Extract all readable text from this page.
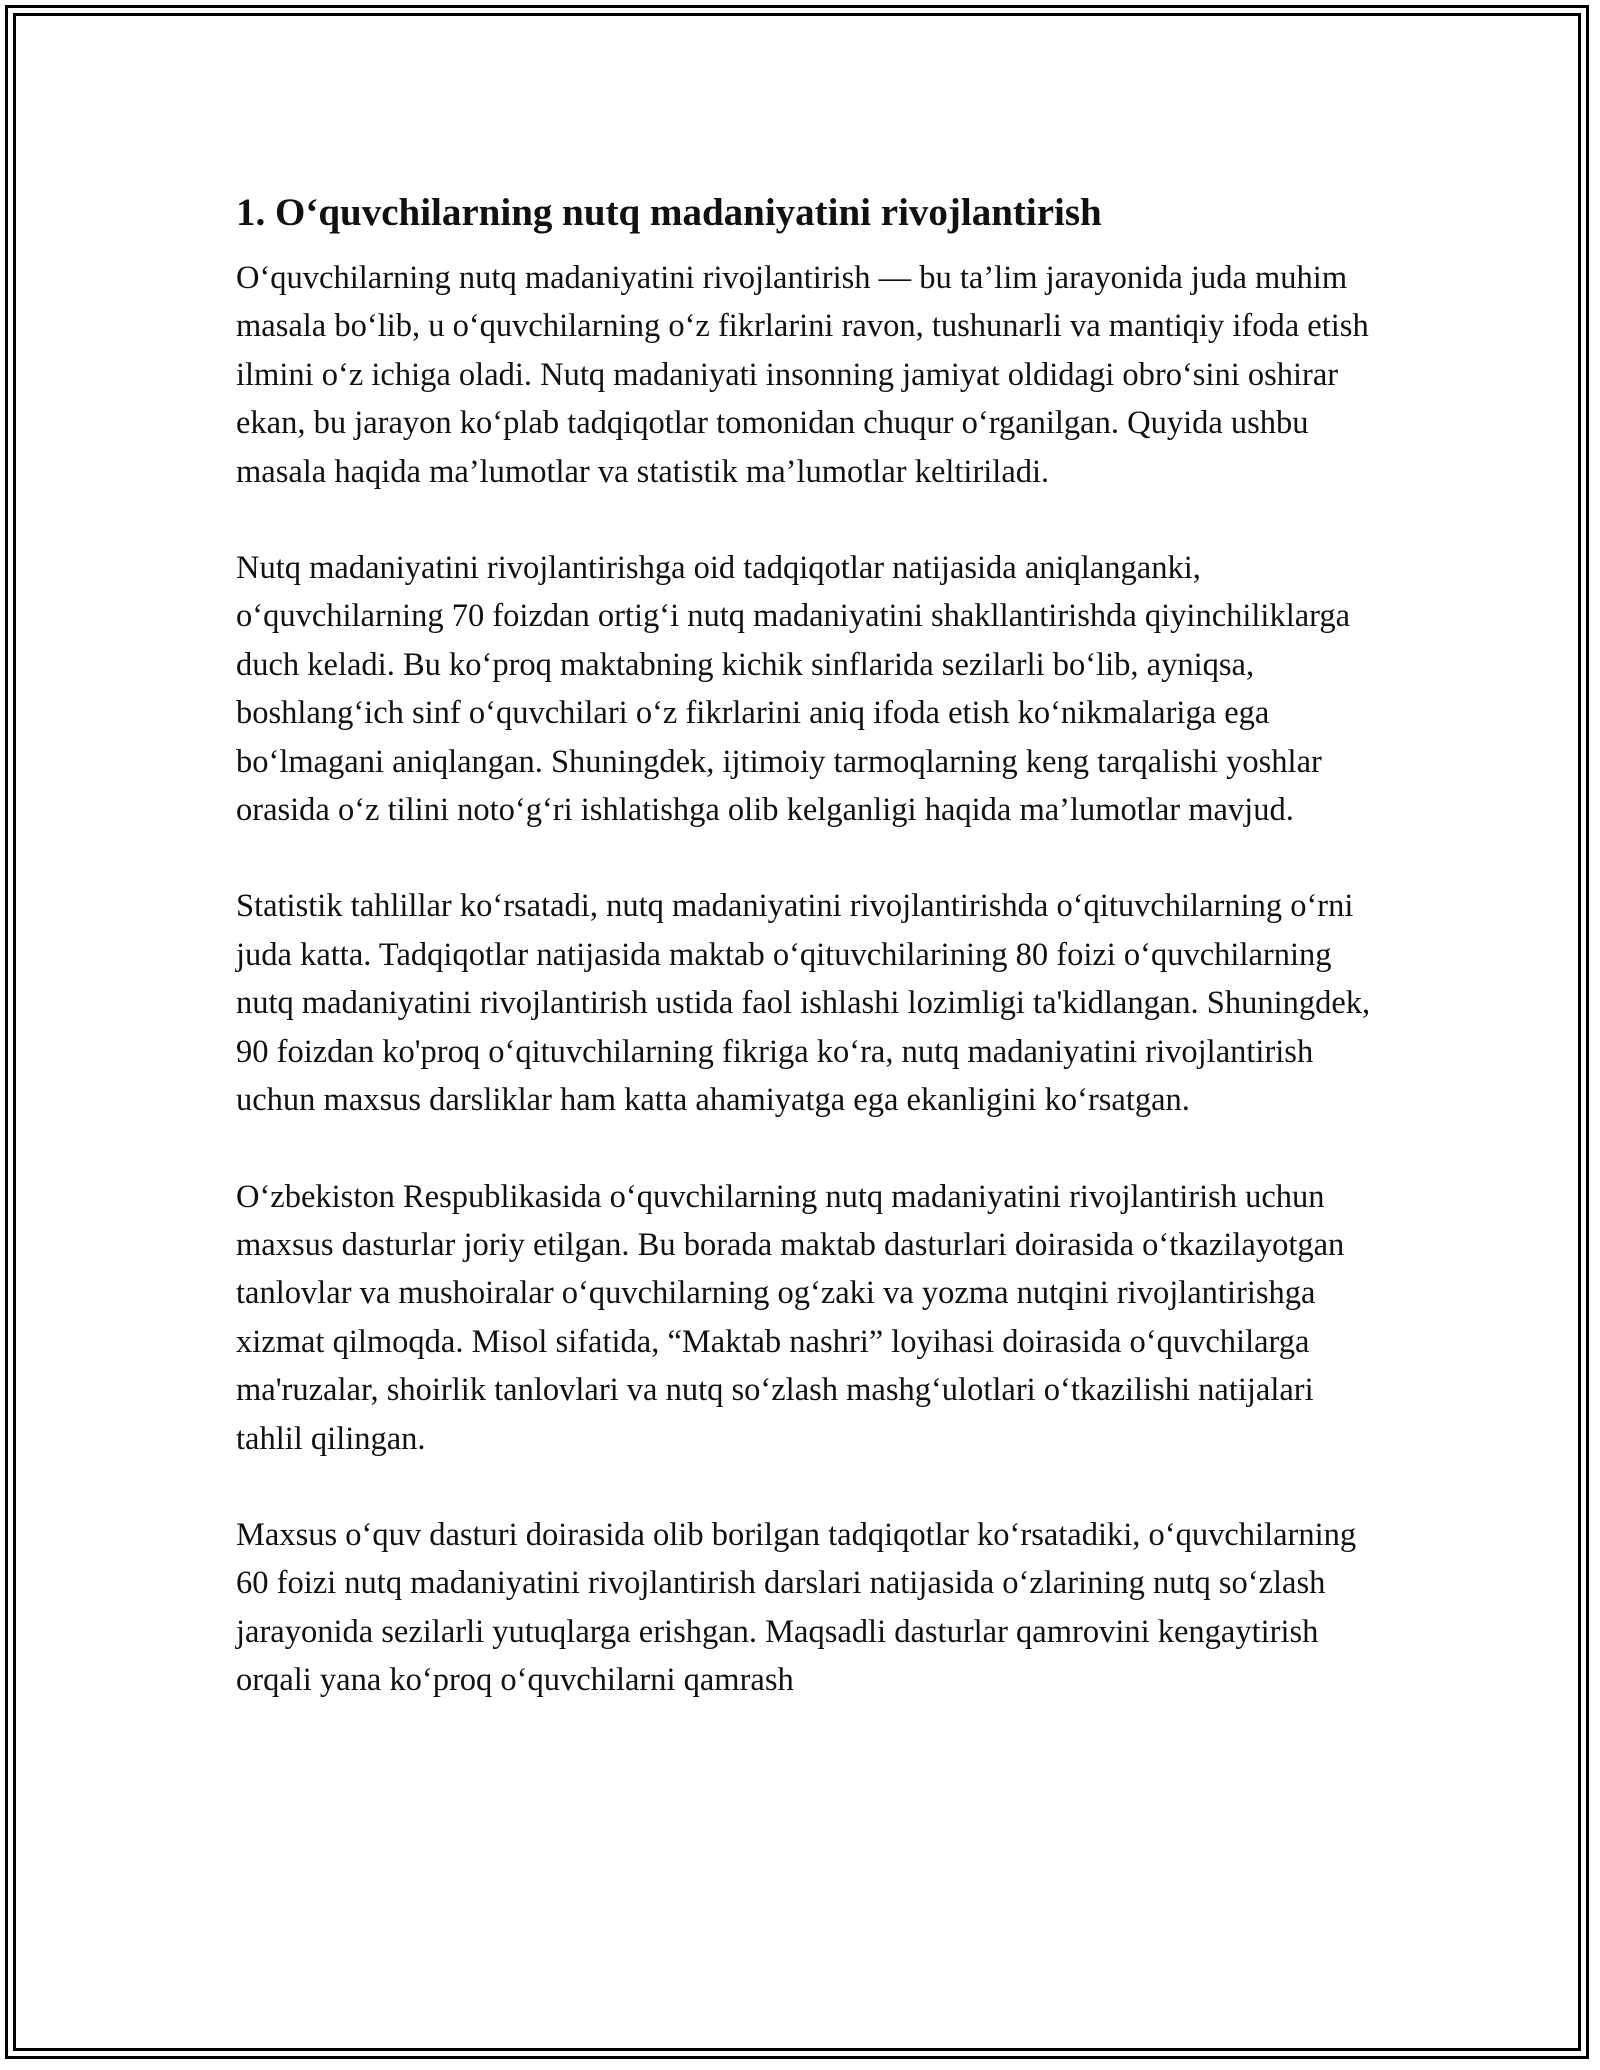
1. O‘quvchilarning nutq madaniyatini rivojlantirish

O‘quvchilarning nutq madaniyatini rivojlantirish — bu ta’lim jarayonida juda muhim masala bo‘lib, u o‘quvchilarning o‘z fikrlarini ravon, tushunarli va mantiqiy ifoda etish ilmini o‘z ichiga oladi. Nutq madaniyati insonning jamiyat oldidagi obro‘sini oshirar ekan, bu jarayon ko‘plab tadqiqotlar tomonidan chuqur o‘rganilgan. Quyida ushbu masala haqida ma’lumotlar va statistik ma’lumotlar keltiriladi.

Nutq madaniyatini rivojlantirishga oid tadqiqotlar natijasida aniqlanganki, o‘quvchilarning 70 foizdan ortig‘i nutq madaniyatini shakllantirishda qiyinchiliklarga duch keladi. Bu ko‘proq maktabning kichik sinflarida sezilarli bo‘lib, ayniqsa, boshlang‘ich sinf o‘quvchilari o‘z fikrlarini aniq ifoda etish ko‘nikmalariga ega bo‘lmagani aniqlangan. Shuningdek, ijtimoiy tarmoqlarning keng tarqalishi yoshlar orasida o‘z tilini noto‘g‘ri ishlatishga olib kelganligi haqida ma’lumotlar mavjud.

Statistik tahlillar ko‘rsatadi, nutq madaniyatini rivojlantirishda o‘qituvchilarning o‘rni juda katta. Tadqiqotlar natijasida maktab o‘qituvchilarining 80 foizi o‘quvchilarning nutq madaniyatini rivojlantirish ustida faol ishlashi lozimligi ta'kidlangan. Shuningdek, 90 foizdan ko'proq o‘qituvchilarning fikriga ko‘ra, nutq madaniyatini rivojlantirish uchun maxsus darsliklar ham katta ahamiyatga ega ekanligini ko‘rsatgan.

O‘zbekiston Respublikasida o‘quvchilarning nutq madaniyatini rivojlantirish uchun maxsus dasturlar joriy etilgan. Bu borada maktab dasturlari doirasida o‘tkazilayotgan tanlovlar va mushoiralar o‘quvchilarning og‘zaki va yozma nutqini rivojlantirishga xizmat qilmoqda. Misol sifatida, “Maktab nashri” loyihasi doirasida o‘quvchilarga ma'ruzalar, shoirlik tanlovlari va nutq so‘zlash mashg‘ulotlari o‘tkazilishi natijalari tahlil qilingan.

Maxsus o‘quv dasturi doirasida olib borilgan tadqiqotlar ko‘rsatadiki, o‘quvchilarning 60 foizi nutq madaniyatini rivojlantirish darslari natijasida o‘zlarining nutq so‘zlash jarayonida sezilarli yutuqlarga erishgan. Maqsadli dasturlar qamrovini kengaytirish orqali yana ko‘proq o‘quvchilarni qamrash
